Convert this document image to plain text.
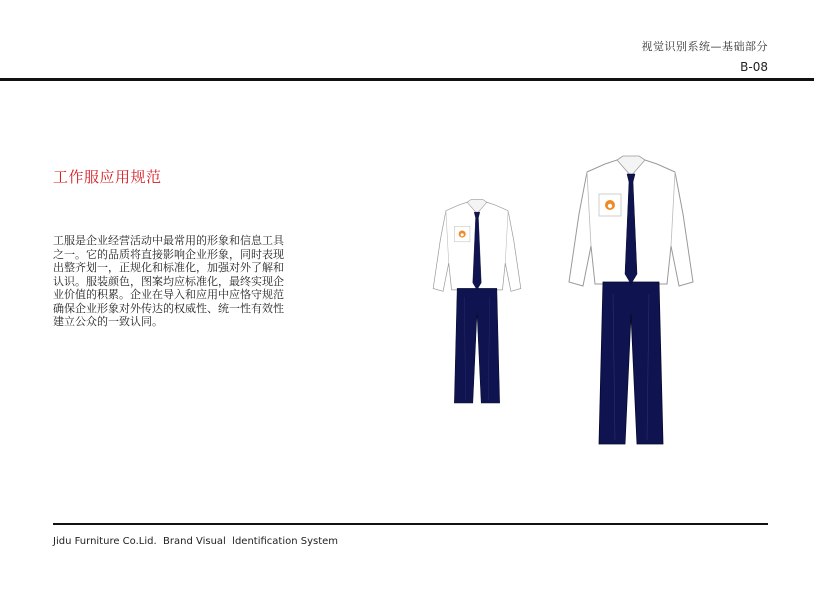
视觉识别系统—基础部分
B-08
工作服应用规范
工服是企业经营活动中最常用的形象和信息工具
之一。它的品质将直接影响企业形象，同时表现
出整齐划一，正规化和标准化，加强对外了解和
认识。服装颜色，图案均应标准化，最终实现企
业价值的积累。企业在导入和应用中应恪守规范
确保企业形象对外传达的权威性、统一性有效性
建立公众的一致认同。
Jidu Furniture Co.Lid.  Brand Visual  ldentification System
